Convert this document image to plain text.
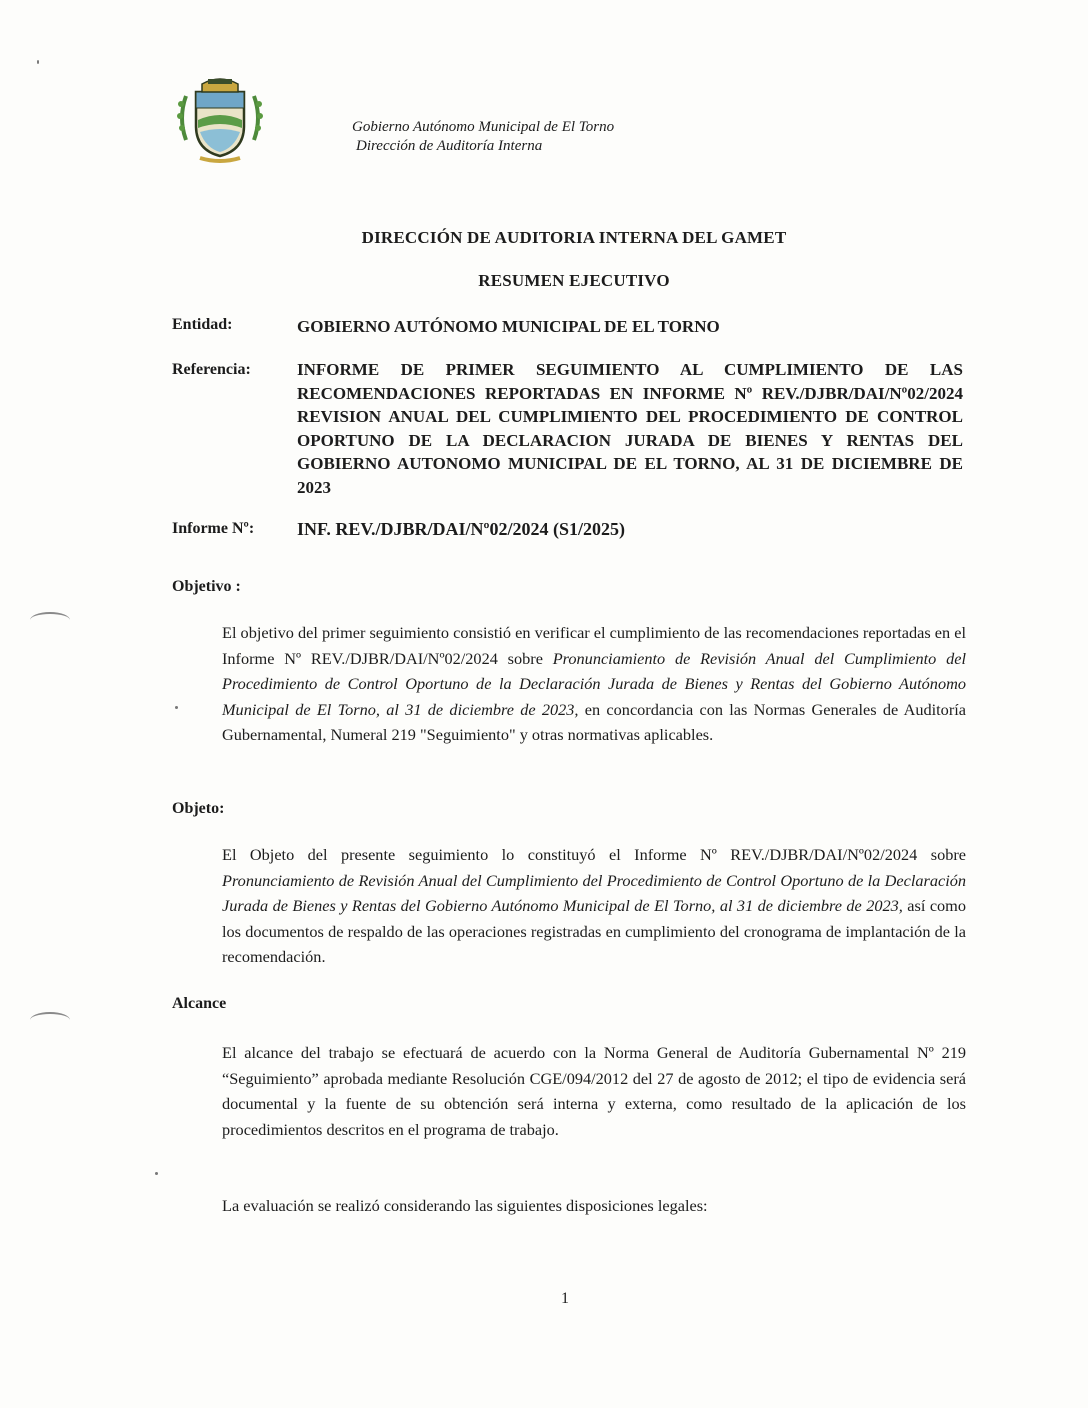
Gobierno Autónomo Municipal de El Torno
Dirección de Auditoría Interna
DIRECCIÓN DE AUDITORIA INTERNA DEL GAMET
RESUMEN EJECUTIVO
Entidad:	GOBIERNO AUTÓNOMO MUNICIPAL DE EL TORNO
Referencia:	INFORME DE PRIMER SEGUIMIENTO AL CUMPLIMIENTO DE LAS RECOMENDACIONES REPORTADAS EN INFORME Nº REV./DJBR/DAI/Nº02/2024 REVISION ANUAL DEL CUMPLIMIENTO DEL PROCEDIMIENTO DE CONTROL OPORTUNO DE LA DECLARACION JURADA DE BIENES Y RENTAS DEL GOBIERNO AUTONOMO MUNICIPAL DE EL TORNO, AL 31 DE DICIEMBRE DE 2023
Informe Nº: INF. REV./DJBR/DAI/Nº02/2024 (S1/2025)
Objetivo :
El objetivo del primer seguimiento consistió en verificar el cumplimiento de las recomendaciones reportadas en el Informe Nº REV./DJBR/DAI/Nº02/2024 sobre Pronunciamiento de Revisión Anual del Cumplimiento del Procedimiento de Control Oportuno de la Declaración Jurada de Bienes y Rentas del Gobierno Autónomo Municipal de El Torno, al 31 de diciembre de 2023, en concordancia con las Normas Generales de Auditoría Gubernamental, Numeral 219 "Seguimiento" y otras normativas aplicables.
Objeto:
El Objeto del presente seguimiento lo constituyó el Informe Nº REV./DJBR/DAI/Nº02/2024 sobre Pronunciamiento de Revisión Anual del Cumplimiento del Procedimiento de Control Oportuno de la Declaración Jurada de Bienes y Rentas del Gobierno Autónomo Municipal de El Torno, al 31 de diciembre de 2023, así como los documentos de respaldo de las operaciones registradas en cumplimiento del cronograma de implantación de la recomendación.
Alcance
El alcance del trabajo se efectuará de acuerdo con la Norma General de Auditoría Gubernamental Nº 219 “Seguimiento” aprobada mediante Resolución CGE/094/2012 del 27 de agosto de 2012; el tipo de evidencia será documental y la fuente de su obtención será interna y externa, como resultado de la aplicación de los procedimientos descritos en el programa de trabajo.
La evaluación se realizó considerando las siguientes disposiciones legales:
1
